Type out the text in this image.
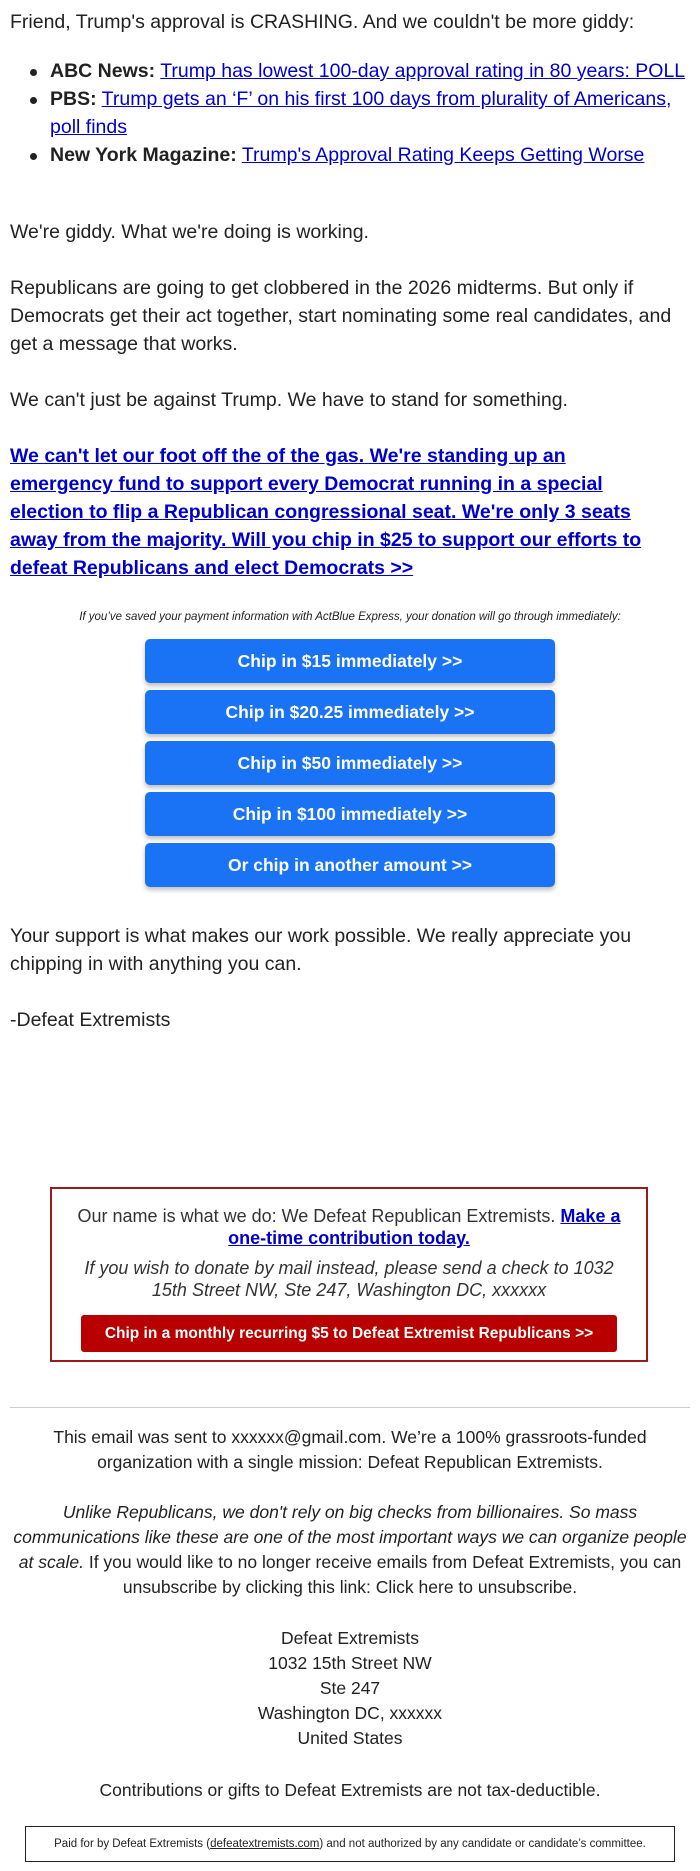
Friend, Trump's approval is CRASHING. And we couldn't be more giddy:

ABC News: Trump has lowest 100-day approval rating in 80 years: POLL
PBS: Trump gets an ‘F’ on his first 100 days from plurality of Americans, poll finds
New York Magazine: Trump's Approval Rating Keeps Getting Worse

We're giddy. What we're doing is working.

Republicans are going to get clobbered in the 2026 midterms. But only if Democrats get their act together, start nominating some real candidates, and get a message that works.

We can't just be against Trump. We have to stand for something.

We can't let our foot off the of the gas. We're standing up an emergency fund to support every Democrat running in a special election to flip a Republican congressional seat. We're only 3 seats away from the majority. Will you chip in $25 to support our efforts to defeat Republicans and elect Democrats >>

If you’ve saved your payment information with ActBlue Express, your donation will go through immediately:

Chip in $15 immediately >>
Chip in $20.25 immediately >>
Chip in $50 immediately >>
Chip in $100 immediately >>
Or chip in another amount >>

Your support is what makes our work possible. We really appreciate you chipping in with anything you can.

-Defeat Extremists

Our name is what we do: We Defeat Republican Extremists. Make a one-time contribution today.

If you wish to donate by mail instead, please send a check to 1032 15th Street NW, Ste 247, Washington DC, xxxxxx

Chip in a monthly recurring $5 to Defeat Extremist Republicans >>

This email was sent to xxxxxx@gmail.com. We’re a 100% grassroots-funded organization with a single mission: Defeat Republican Extremists.

Unlike Republicans, we don't rely on big checks from billionaires. So mass communications like these are one of the most important ways we can organize people at scale. If you would like to no longer receive emails from Defeat Extremists, you can unsubscribe by clicking this link: Click here to unsubscribe.

Defeat Extremists
1032 15th Street NW
Ste 247
Washington DC, xxxxxx
United States

Contributions or gifts to Defeat Extremists are not tax-deductible.

Paid for by Defeat Extremists (defeatextremists.com) and not authorized by any candidate or candidate’s committee.
